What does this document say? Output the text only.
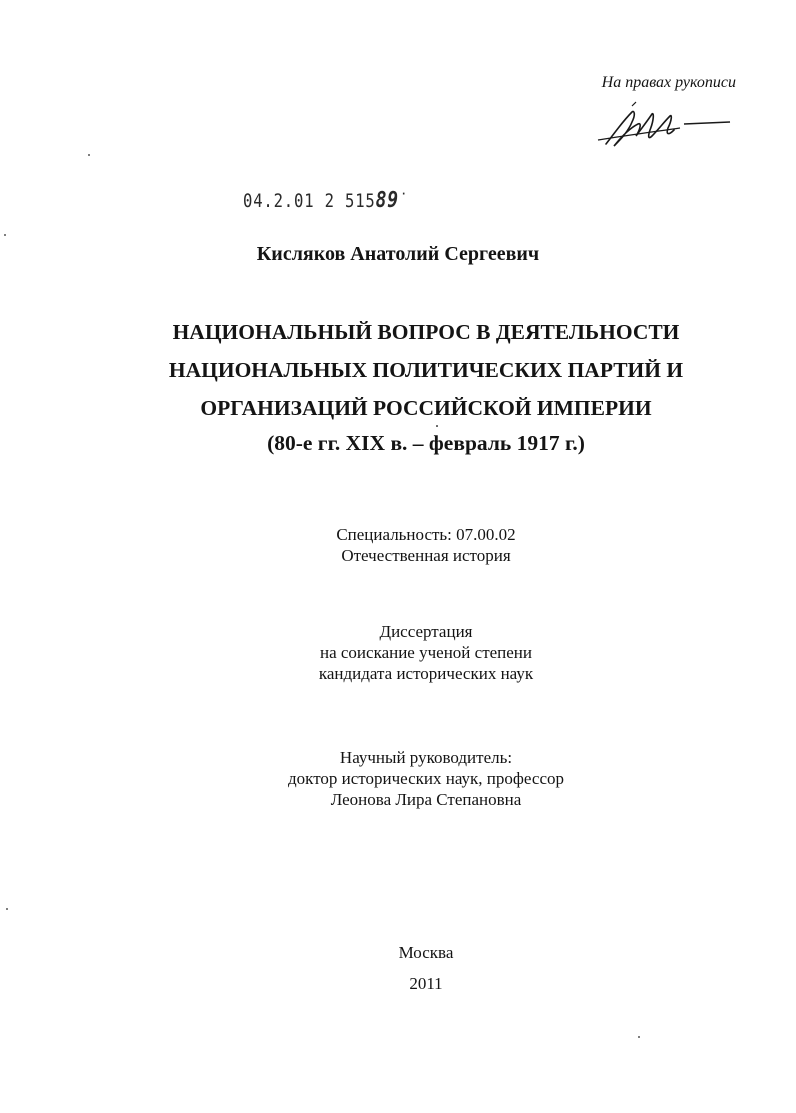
На правах рукописи
04.2.01 2 51589˙
Кисляков Анатолий Сергеевич
НАЦИОНАЛЬНЫЙ ВОПРОС В ДЕЯТЕЛЬНОСТИ
НАЦИОНАЛЬНЫХ ПОЛИТИЧЕСКИХ ПАРТИЙ И
ОРГАНИЗАЦИЙ РОССИЙСКОЙ ИМПЕРИИ
(80-е гг. XIX в. – февраль 1917 г.)
Специальность: 07.00.02
Отечественная история
Диссертация
на соискание ученой степени
кандидата исторических наук
Научный руководитель:
доктор исторических наук, профессор
Леонова Лира Степановна
Москва
2011
